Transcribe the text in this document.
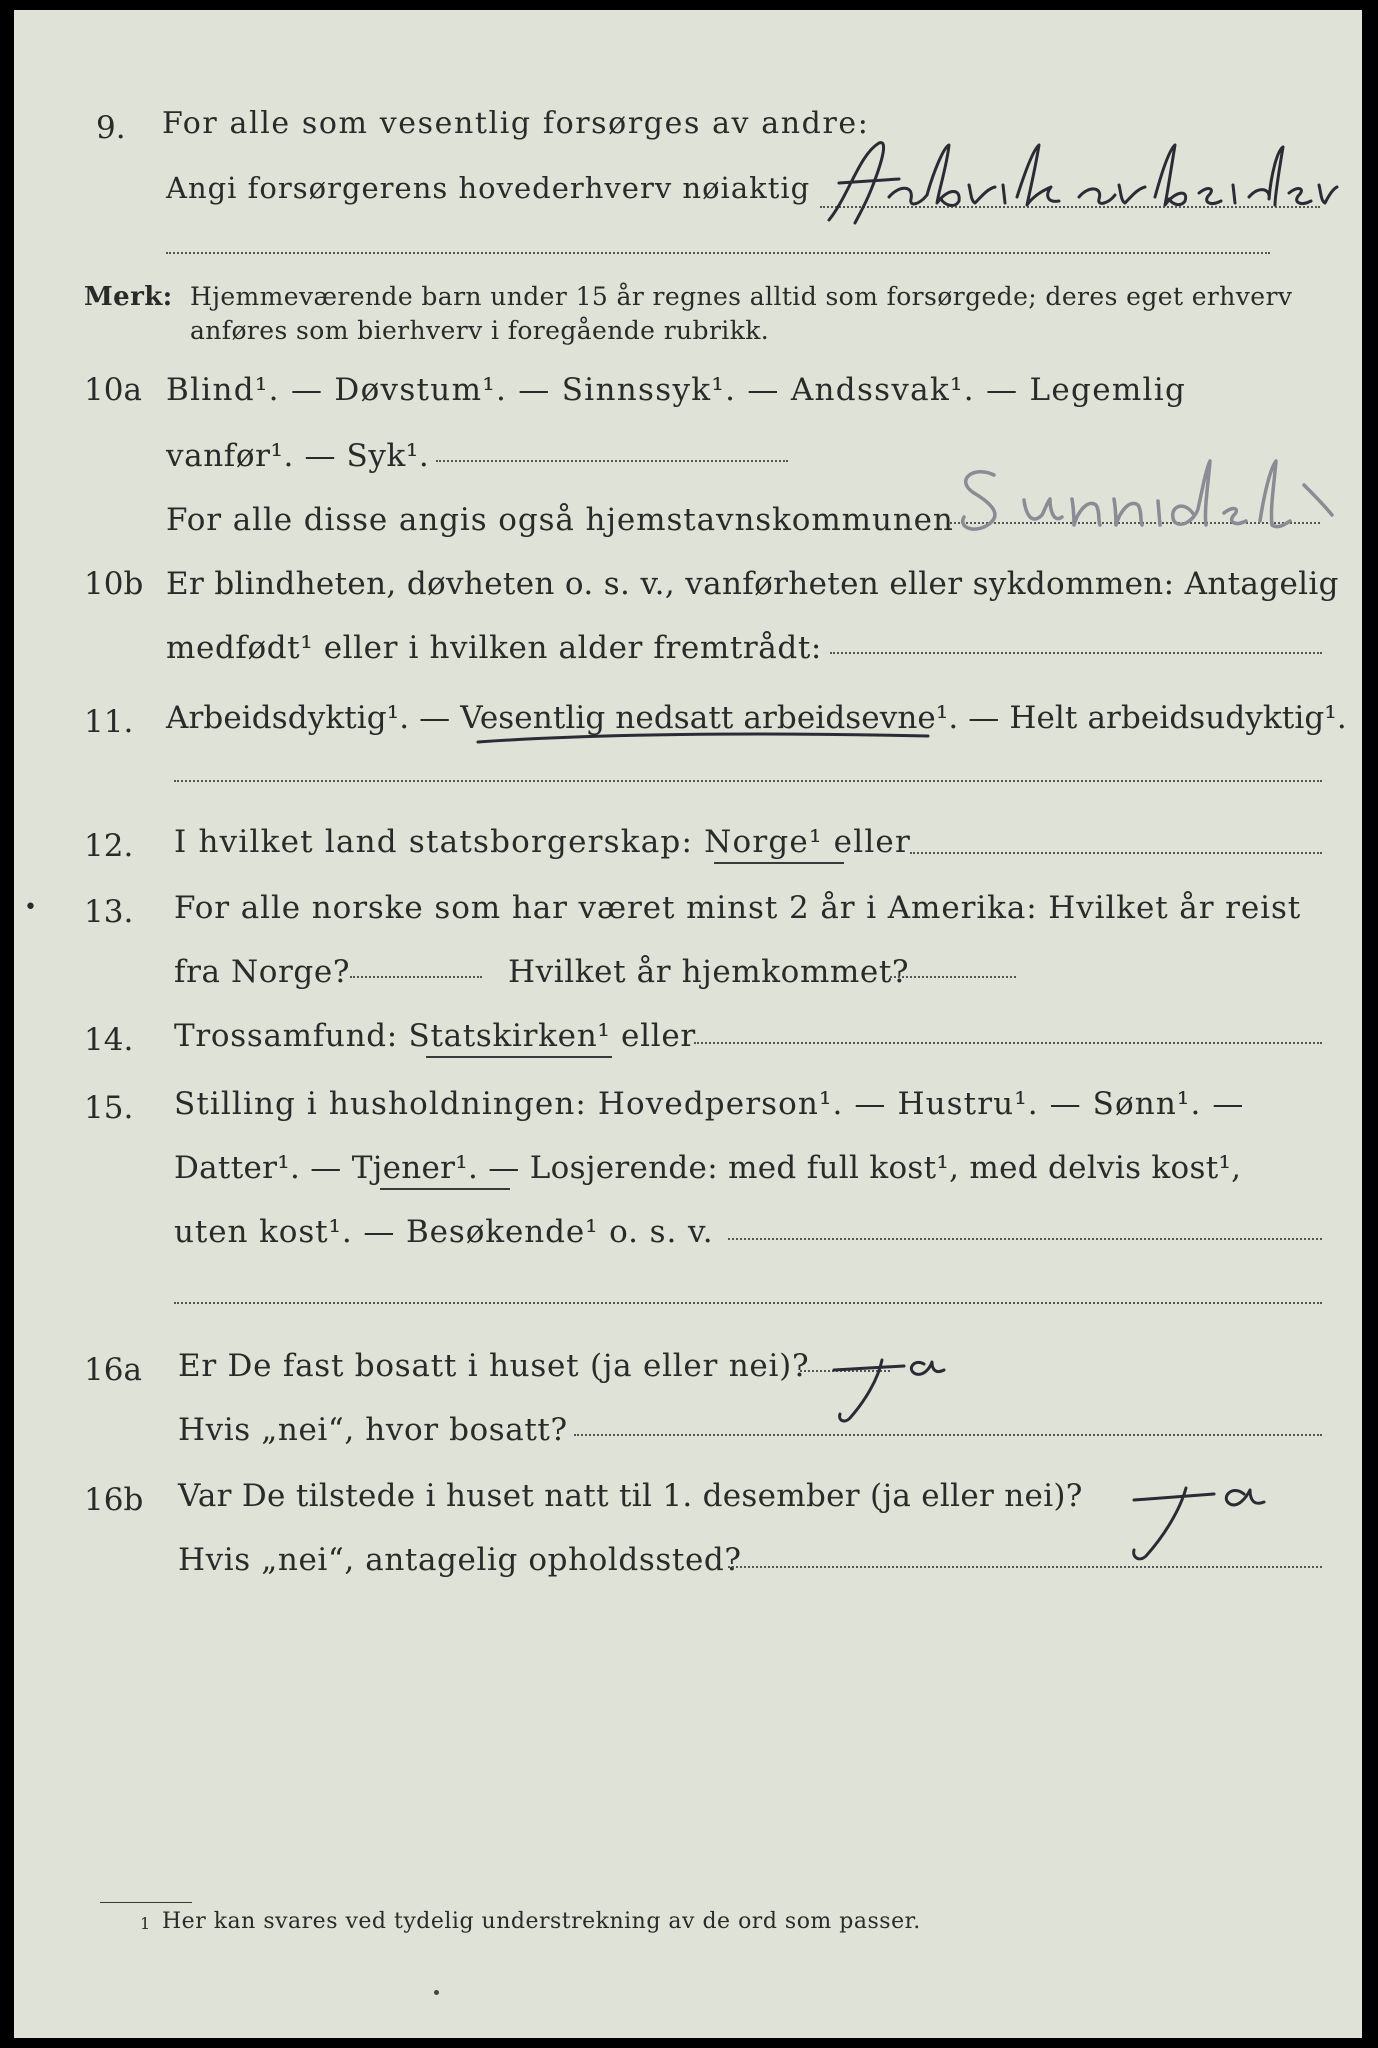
9. For alle som vesentlig forsørges av andre:
Angi forsørgerens hovederhverv nøiaktig
Merk: Hjemmeværende barn under 15 år regnes alltid som forsørgede; deres eget erhverv
anføres som bierhverv i foregående rubrikk.
10a Blind¹. — Døvstum¹. — Sinnssyk¹. — Andssvak¹. — Legemlig
vanfør¹. — Syk¹.
For alle disse angis også hjemstavnskommunen
10b Er blindheten, døvheten o. s. v., vanførheten eller sykdommen: Antagelig
medfødt¹ eller i hvilken alder fremtrådt:
11. Arbeidsdyktig¹. — Vesentlig nedsatt arbeidsevne¹. — Helt arbeidsudyktig¹.
12. I hvilket land statsborgerskap: Norge¹ eller
• 13. For alle norske som har været minst 2 år i Amerika: Hvilket år reist
fra Norge?	Hvilket år hjemkommet?
14. Trossamfund: Statskirken¹ eller
15. Stilling i husholdningen: Hovedperson¹. — Hustru¹. — Sønn¹. —
Datter¹. — Tjener¹. — Losjerende: med full kost¹, med delvis kost¹,
uten kost¹. — Besøkende¹ o. s. v.
16a Er De fast bosatt i huset (ja eller nei)?
Hvis „nei“, hvor bosatt?
16b Var De tilstede i huset natt til 1. desember (ja eller nei)?
Hvis „nei“, antagelig opholdssted?
1 Her kan svares ved tydelig understrekning av de ord som passer.
